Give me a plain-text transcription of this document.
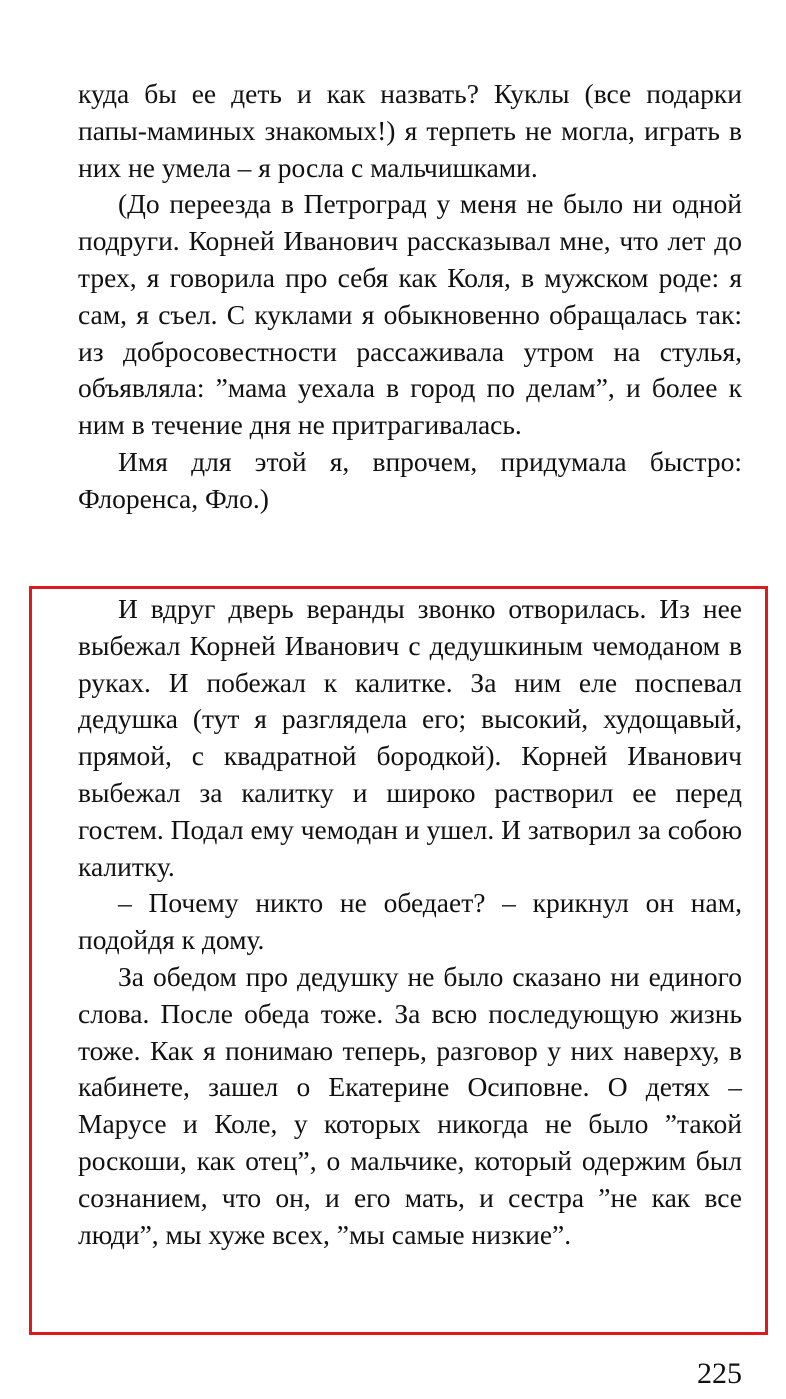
куда бы ее деть и как назвать? Куклы (все подарки папы-маминых знакомых!) я терпеть не могла, играть в них не умела – я росла с мальчишками.

(До переезда в Петроград у меня не было ни одной подруги. Корней Иванович рассказывал мне, что лет до трех, я говорила про себя как Коля, в мужском роде: я сам, я съел. С куклами я обыкновенно обращалась так: из добросовестности рассаживала утром на стулья, объявляла: ”мама уехала в город по делам”, и более к ним в течение дня не притрагивалась.

Имя для этой я, впрочем, придумала быстро: Флоренса, Фло.)

И вдруг дверь веранды звонко отворилась. Из нее выбежал Корней Иванович с дедушкиным чемоданом в руках. И побежал к калитке. За ним еле поспевал дедушка (тут я разглядела его; высокий, худощавый, прямой, с квадратной бородкой). Корней Иванович выбежал за калитку и широко растворил ее перед гостем. Подал ему чемодан и ушел. И затворил за собою калитку.

– Почему никто не обедает? – крикнул он нам, подойдя к дому.

За обедом про дедушку не было сказано ни единого слова. После обеда тоже. За всю последующую жизнь тоже. Как я понимаю теперь, разговор у них наверху, в кабинете, зашел о Екатерине Осиповне. О детях – Марусе и Коле, у которых никогда не было ”такой роскоши, как отец”, о мальчике, который одержим был сознанием, что он, и его мать, и сестра ”не как все люди”, мы хуже всех, ”мы самые низкие”.

225
